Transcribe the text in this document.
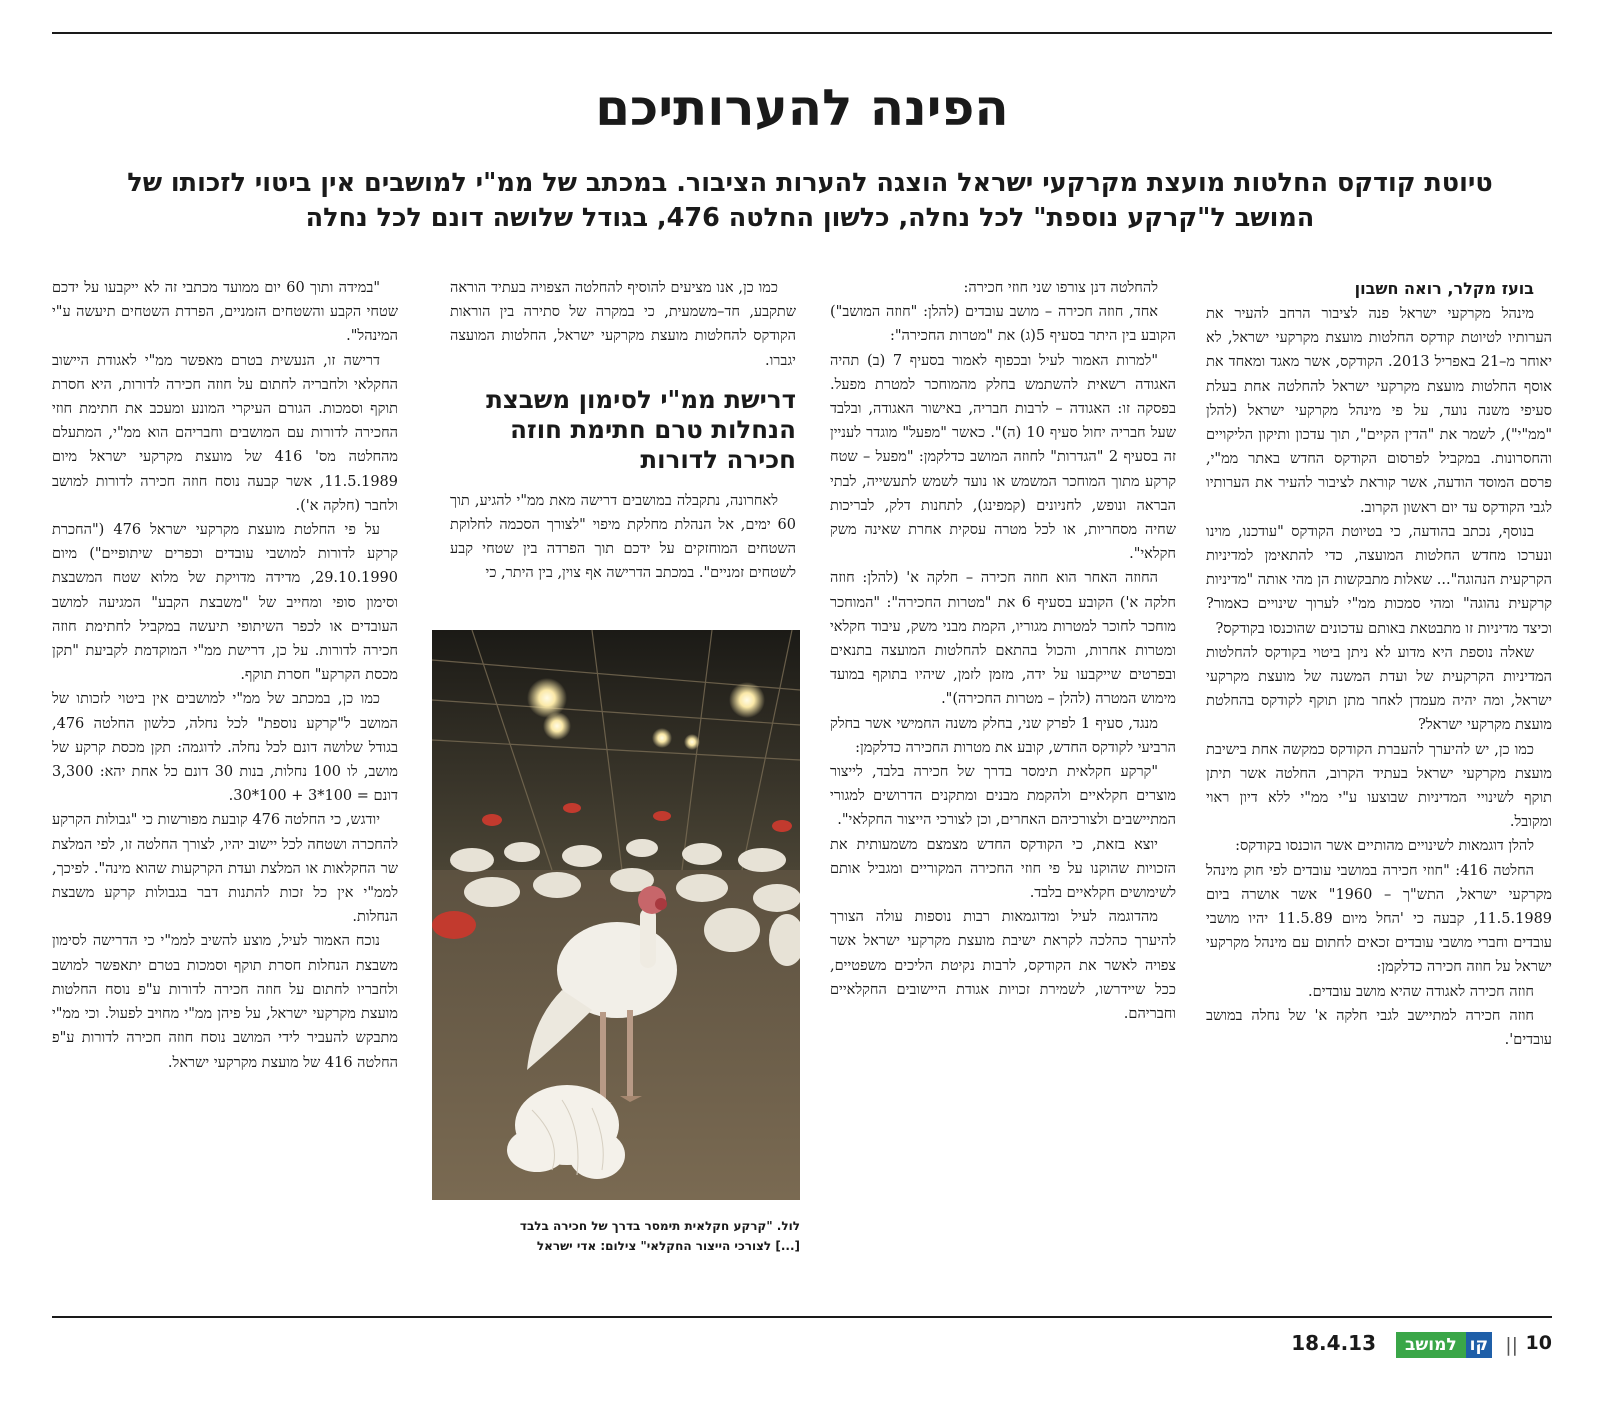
הפינה להערותיכם
טיוטת קודקס החלטות מועצת מקרקעי ישראל הוצגה להערות הציבור. במכתב של ממ"י למושבים אין ביטוי לזכותו של
המושב ל"קרקע נוספת" לכל נחלה, כלשון החלטה 476, בגודל שלושה דונם לכל נחלה

בועז מקלר, רואה חשבון

מינהל מקרקעי ישראל פנה לציבור הרחב להעיר את הערותיו לטיוטת קודקס החלטות מועצת מקרקעי ישראל, לא יאוחר מ–21 באפריל 2013. הקודקס, אשר מאגד ומאחד את אוסף החלטות מועצת מקרקעי ישראל להחלטה אחת בעלת סעיפי משנה נועד, על פי מינהל מקרקעי ישראל (להלן "ממ"י"), לשמר את "הדין הקיים", תוך עדכון ותיקון הליקויים והחסרונות. במקביל לפרסום הקודקס החדש באתר ממ"י, פרסם המוסד הודעה, אשר קוראת לציבור להעיר את הערותיו לגבי הקודקס עד יום ראשון הקרוב.

בנוסף, נכתב בהודעה, כי בטיוטת הקודקס "עודכנו, מוינו ונערכו מחדש החלטות המועצה, כדי להתאימן למדיניות הקרקעית הנהוגה"... שאלות מתבקשות הן מהי אותה "מדיניות קרקעית נהוגה" ומהי סמכות ממ"י לערוך שינויים כאמור? וכיצד מדיניות זו מתבטאת באותם עדכונים שהוכנסו בקודקס?

שאלה נוספת היא מדוע לא ניתן ביטוי בקודקס להחלטות המדיניות הקרקעית של ועדת המשנה של מועצת מקרקעי ישראל, ומה יהיה מעמדן לאחר מתן תוקף לקודקס בהחלטת מועצת מקרקעי ישראל?

כמו כן, יש להיערך להעברת הקודקס כמקשה אחת בישיבת מועצת מקרקעי ישראל בעתיד הקרוב, החלטה אשר תיתן תוקף לשינויי המדיניות שבוצעו ע"י ממ"י ללא דיון ראוי ומקובל.

להלן דוגמאות לשינויים מהותיים אשר הוכנסו בקודקס:

החלטה 416: "חוזי חכירה במושבי עובדים לפי חוק מינהל מקרקעי ישראל, התש"ך – 1960" אשר אושרה ביום 11.5.1989, קבעה כי 'החל מיום 11.5.89 יהיו מושבי עובדים וחברי מושבי עובדים זכאים לחתום עם מינהל מקרקעי ישראל על חוזה חכירה כדלקמן:

חוזה חכירה לאגודה שהיא מושב עובדים.

חוזה חכירה למתיישב לגבי חלקה א' של נחלה במושב עובדים'.

להחלטה דנן צורפו שני חוזי חכירה:

אחד, חוזה חכירה – מושב עובדים (להלן: "חוזה המושב") הקובע בין היתר בסעיף 5(ג) את "מטרות החכירה":

"למרות האמור לעיל ובכפוף לאמור בסעיף 7 (ב) תהיה האגודה רשאית להשתמש בחלק מהמוחכר למטרת מפעל. בפסקה זו: האגודה – לרבות חבריה, באישור האגודה, ובלבד שעל חבריה יחול סעיף 10 (ה)". כאשר "מפעל" מוגדר לעניין זה בסעיף 2 "הגדרות" לחוזה המושב כדלקמן: "מפעל – שטח קרקע מתוך המוחכר המשמש או נועד לשמש לתעשייה, לבתי הבראה ונופש, לחניונים (קמפינג), לתחנות דלק, לבריכות שחיה מסחריות, או לכל מטרה עסקית אחרת שאינה משק חקלאי".

החוזה האחר הוא חוזה חכירה – חלקה א' (להלן: חוזה חלקה א') הקובע בסעיף 6 את "מטרות החכירה": "המוחכר מוחכר לחוכר למטרות מגוריו, הקמת מבני משק, עיבוד חקלאי ומטרות אחרות, והכול בהתאם להחלטות המועצה בתנאים ובפרטים שייקבעו על ידה, מזמן לזמן, שיהיו בתוקף במועד מימוש המטרה (להלן – מטרות החכירה)".

מנגד, סעיף 1 לפרק שני, בחלק משנה החמישי אשר בחלק הרביעי לקודקס החדש, קובע את מטרות החכירה כדלקמן:

"קרקע חקלאית תימסר בדרך של חכירה בלבד, לייצור מוצרים חקלאיים ולהקמת מבנים ומתקנים הדרושים למגורי המתיישבים ולצורכיהם האחרים, וכן לצורכי הייצור החקלאי".

יוצא בזאת, כי הקודקס החדש מצמצם משמעותית את הזכויות שהוקנו על פי חוזי החכירה המקוריים ומגביל אותם לשימושים חקלאיים בלבד.

מהדוגמה לעיל ומדוגמאות רבות נוספות עולה הצורך להיערך כהלכה לקראת ישיבת מועצת מקרקעי ישראל אשר צפויה לאשר את הקודקס, לרבות נקיטת הליכים משפטיים, ככל שיידרשו, לשמירת זכויות אגודת היישובים החקלאיים וחבריהם.

כמו כן, אנו מציעים להוסיף להחלטה הצפויה בעתיד הוראה שתקבע, חד–משמעית, כי במקרה של סתירה בין הוראות הקודקס להחלטות מועצת מקרקעי ישראל, החלטות המועצה יגברו.

דרישת ממ"י לסימון משבצת הנחלות טרם חתימת חוזה חכירה לדורות

לאחרונה, נתקבלה במושבים דרישה מאת ממ"י להגיע, תוך 60 ימים, אל הנהלת מחלקת מיפוי "לצורך הסכמה לחלוקת השטחים המוחזקים על ידכם תוך הפרדה בין שטחי קבע לשטחים זמניים". במכתב הדרישה אף צוין, בין היתר, כי

לול. "קרקע חקלאית תימסר בדרך של חכירה בלבד
[...] לצורכי הייצור החקלאי" צילום: אדי ישראל

"במידה ותוך 60 יום ממועד מכתבי זה לא ייקבעו על ידכם שטחי הקבע והשטחים הזמניים, הפרדת השטחים תיעשה ע"י המינהל".

דרישה זו, הנעשית בטרם מאפשר ממ"י לאגודת היישוב החקלאי ולחבריה לחתום על חוזה חכירה לדורות, היא חסרת תוקף וסמכות. הגורם העיקרי המונע ומעכב את חתימת חוזי החכירה לדורות עם המושבים וחבריהם הוא ממ"י, המתעלם מהחלטה מס' 416 של מועצת מקרקעי ישראל מיום 11.5.1989, אשר קבעה נוסח חוזה חכירה לדורות למושב ולחבר (חלקה א').

על פי החלטת מועצת מקרקעי ישראל 476 ("החכרת קרקע לדורות למושבי עובדים וכפרים שיתופיים") מיום 29.10.1990, מדידה מדויקת של מלוא שטח המשבצת וסימון סופי ומחייב של "משבצת הקבע" המגיעה למושב העובדים או לכפר השיתופי תיעשה במקביל לחתימת חוזה חכירה לדורות. על כן, דרישת ממ"י המוקדמת לקביעת "תקן מכסת הקרקע" חסרת תוקף.

כמו כן, במכתב של ממ"י למושבים אין ביטוי לזכותו של המושב ל"קרקע נוספת" לכל נחלה, כלשון החלטה 476, בגודל שלושה דונם לכל נחלה. לדוגמה: תקן מכסת קרקע של מושב, לו 100 נחלות, בנות 30 דונם כל אחת יהא: 3,300 דונם = 100*3 + 100*30.

יודגש, כי החלטה 476 קובעת מפורשות כי "גבולות הקרקע להחכרה ושטחה לכל יישוב יהיו, לצורך החלטה זו, לפי המלצת שר החקלאות או המלצת ועדת הקרקעות שהוא מינה". לפיכך, לממ"י אין כל זכות להתנות דבר בגבולות קרקע משבצת הנחלות.

נוכח האמור לעיל, מוצע להשיב לממ"י כי הדרישה לסימון משבצת הנחלות חסרת תוקף וסמכות בטרם יתאפשר למושב ולחבריו לחתום על חוזה חכירה לדורות ע"פ נוסח החלטות מועצת מקרקעי ישראל, על פיהן ממ"י מחויב לפעול. וכי ממ"י מתבקש להעביר לידי המושב נוסח חוזה חכירה לדורות ע"פ החלטה 416 של מועצת מקרקעי ישראל.

10
||
קו
למושב
18.4.13
